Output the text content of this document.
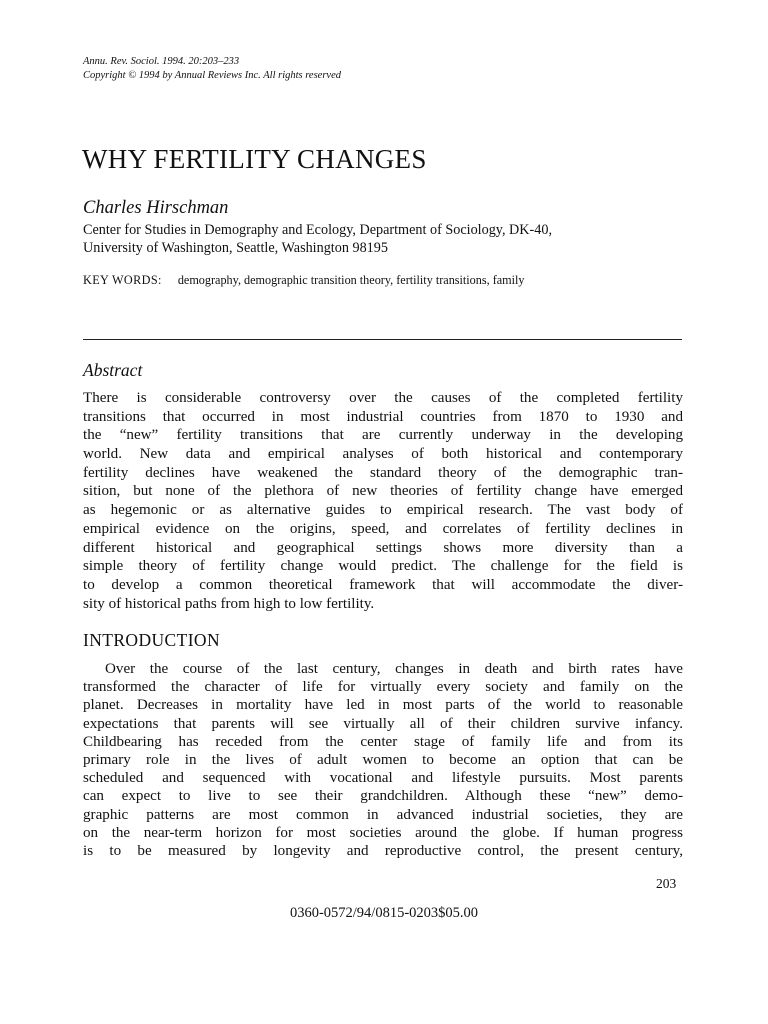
Annu. Rev. Sociol. 1994. 20:203–233
Copyright © 1994 by Annual Reviews Inc. All rights reserved
WHY FERTILITY CHANGES
Charles Hirschman
Center for Studies in Demography and Ecology, Department of Sociology, DK-40,
University of Washington, Seattle, Washington 98195
KEY WORDS: demography, demographic transition theory, fertility transitions, family
Abstract
There is considerable controversy over the causes of the completed fertility
transitions that occurred in most industrial countries from 1870 to 1930 and
the “new” fertility transitions that are currently underway in the developing
world. New data and empirical analyses of both historical and contemporary
fertility declines have weakened the standard theory of the demographic tran-
sition, but none of the plethora of new theories of fertility change have emerged
as hegemonic or as alternative guides to empirical research. The vast body of
empirical evidence on the origins, speed, and correlates of fertility declines in
different historical and geographical settings shows more diversity than a
simple theory of fertility change would predict. The challenge for the field is
to develop a common theoretical framework that will accommodate the diver-
sity of historical paths from high to low fertility.
INTRODUCTION
Over the course of the last century, changes in death and birth rates have
transformed the character of life for virtually every society and family on the
planet. Decreases in mortality have led in most parts of the world to reasonable
expectations that parents will see virtually all of their children survive infancy.
Childbearing has receded from the center stage of family life and from its
primary role in the lives of adult women to become an option that can be
scheduled and sequenced with vocational and lifestyle pursuits. Most parents
can expect to live to see their grandchildren. Although these “new” demo-
graphic patterns are most common in advanced industrial societies, they are
on the near-term horizon for most societies around the globe. If human progress
is to be measured by longevity and reproductive control, the present century,
203
0360-0572/94/0815-0203$05.00
